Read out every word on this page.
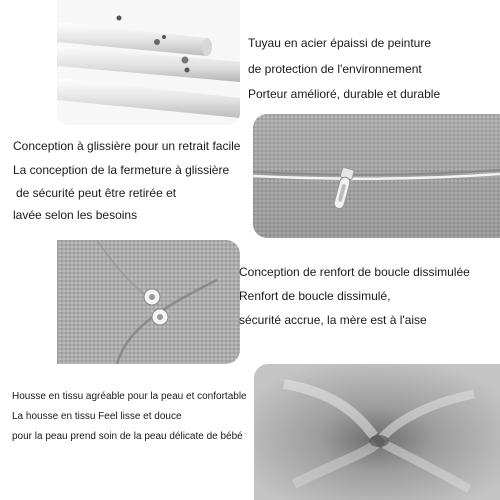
Tuyau en acier épaissi de peinture
de protection de l'environnement
Porteur amélioré, durable et durable
Conception à glissière pour un retrait facile
La conception de la fermeture à glissière
de sécurité peut être retirée et
lavée selon les besoins
Conception de renfort de boucle dissimulée
Renfort de boucle dissimulé,
sécurité accrue, la mère est à l'aise
Housse en tissu agréable pour la peau et confortable
La housse en tissu Feel lisse et douce
pour la peau prend soin de la peau délicate de bébé
